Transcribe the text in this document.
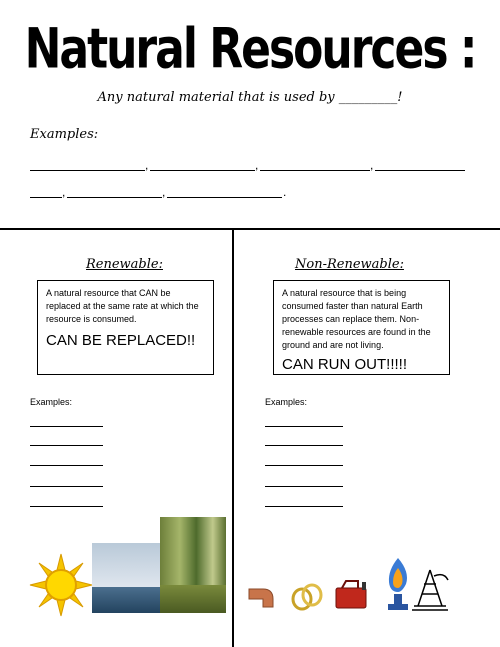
Natural Resources :
Any natural material that is used by _________!
Examples:
,	,	,
,	,	.
Renewable:
A natural resource that CAN be replaced at the same rate at which the resource is consumed.
CAN BE REPLACED!!
Examples:
Non-Renewable:
A natural resource that is being consumed faster than natural Earth processes can replace them. Non-renewable resources are found in the ground and are not living.
CAN RUN OUT!!!!!
Examples:
